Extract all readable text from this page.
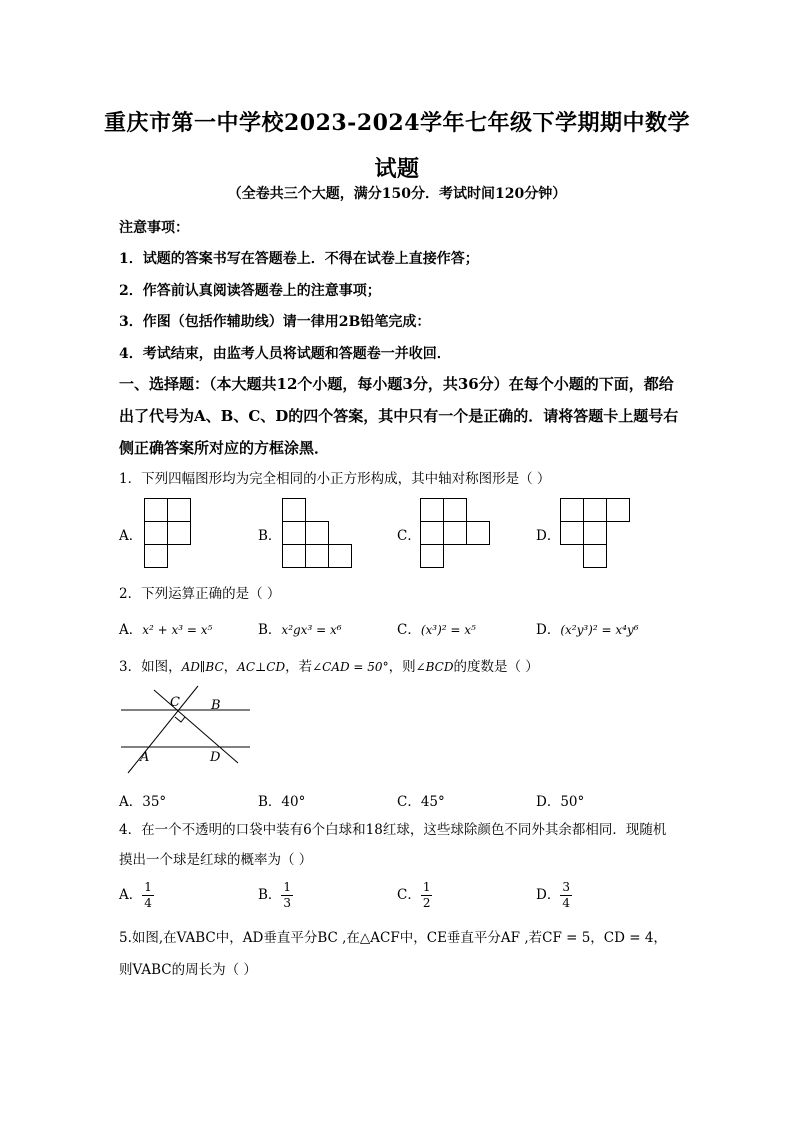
重庆市第一中学校2023-2024学年七年级下学期期中数学试题
（全卷共三个大题，满分150分．考试时间120分钟）
注意事项：
1．试题的答案书写在答题卷上．不得在试卷上直接作答；
2．作答前认真阅读答题卷上的注意事项；
3．作图（包括作辅助线）请一律用2B铅笔完成：
4．考试结束，由监考人员将试题和答题卷一并收回．
一、选择题：（本大题共12个小题，每小题3分，共36分）在每个小题的下面，都给出了代号为A、B、C、D的四个答案，其中只有一个是正确的．请将答题卡上题号右侧正确答案所对应的方框涂黑．
1．下列四幅图形均为完全相同的小正方形构成，其中轴对称图形是（ ）
A．	B．	C．	D．
2．下列运算正确的是（ ）
A．x² + x³ = x⁵	B．x²gx³ = x⁶	C．(x³)² = x⁵	D．(x²y³)² = x⁴y⁶
3．如图，AD∥BC，AC⊥CD，若∠CAD = 50°，则∠BCD的度数是（ ）
C B
A	D
A．35°	B．40°	C．45°	D．50°
4．在一个不透明的口袋中装有6个白球和18红球，这些球除颜色不同外其余都相同．现随机摸出一个球是红球的概率为（ ）
A． $\frac{1}{4}$	B． $\frac{1}{3}$	C． $\frac{1}{2}$	D． $\frac{3}{4}$
5.如图,在VABC中，AD垂直平分BC ,在△ACF中，CE垂直平分AF ,若CF = 5，CD = 4，
则VABC的周长为（ ）
